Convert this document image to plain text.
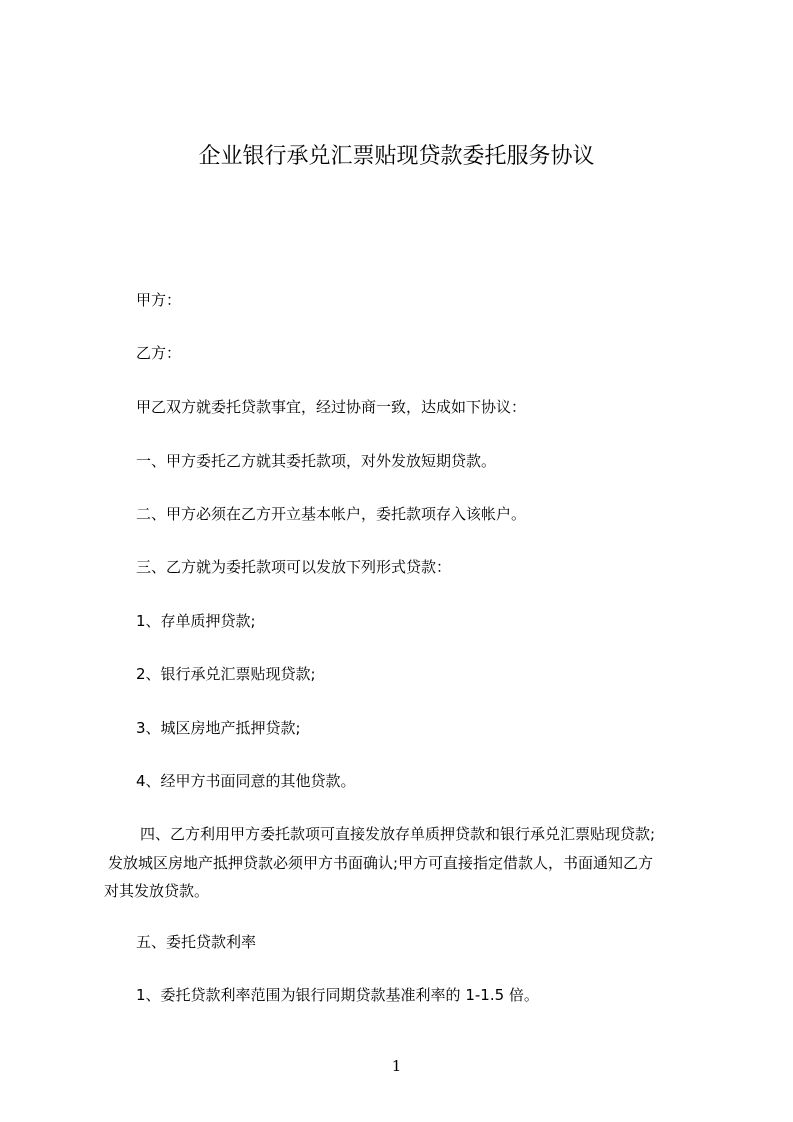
企业银行承兑汇票贴现贷款委托服务协议

甲方：

乙方：

甲乙双方就委托贷款事宜，经过协商一致，达成如下协议：

一、甲方委托乙方就其委托款项，对外发放短期贷款。

二、甲方必须在乙方开立基本帐户，委托款项存入该帐户。

三、乙方就为委托款项可以发放下列形式贷款：

1、存单质押贷款;

2、银行承兑汇票贴现贷款;

3、城区房地产抵押贷款;

4、经甲方书面同意的其他贷款。

四、乙方利用甲方委托款项可直接发放存单质押贷款和银行承兑汇票贴现贷款;
发放城区房地产抵押贷款必须甲方书面确认;甲方可直接指定借款人，书面通知乙方
对其发放贷款。

五、委托贷款利率

1、委托贷款利率范围为银行同期贷款基准利率的 1-1.5 倍。

1
